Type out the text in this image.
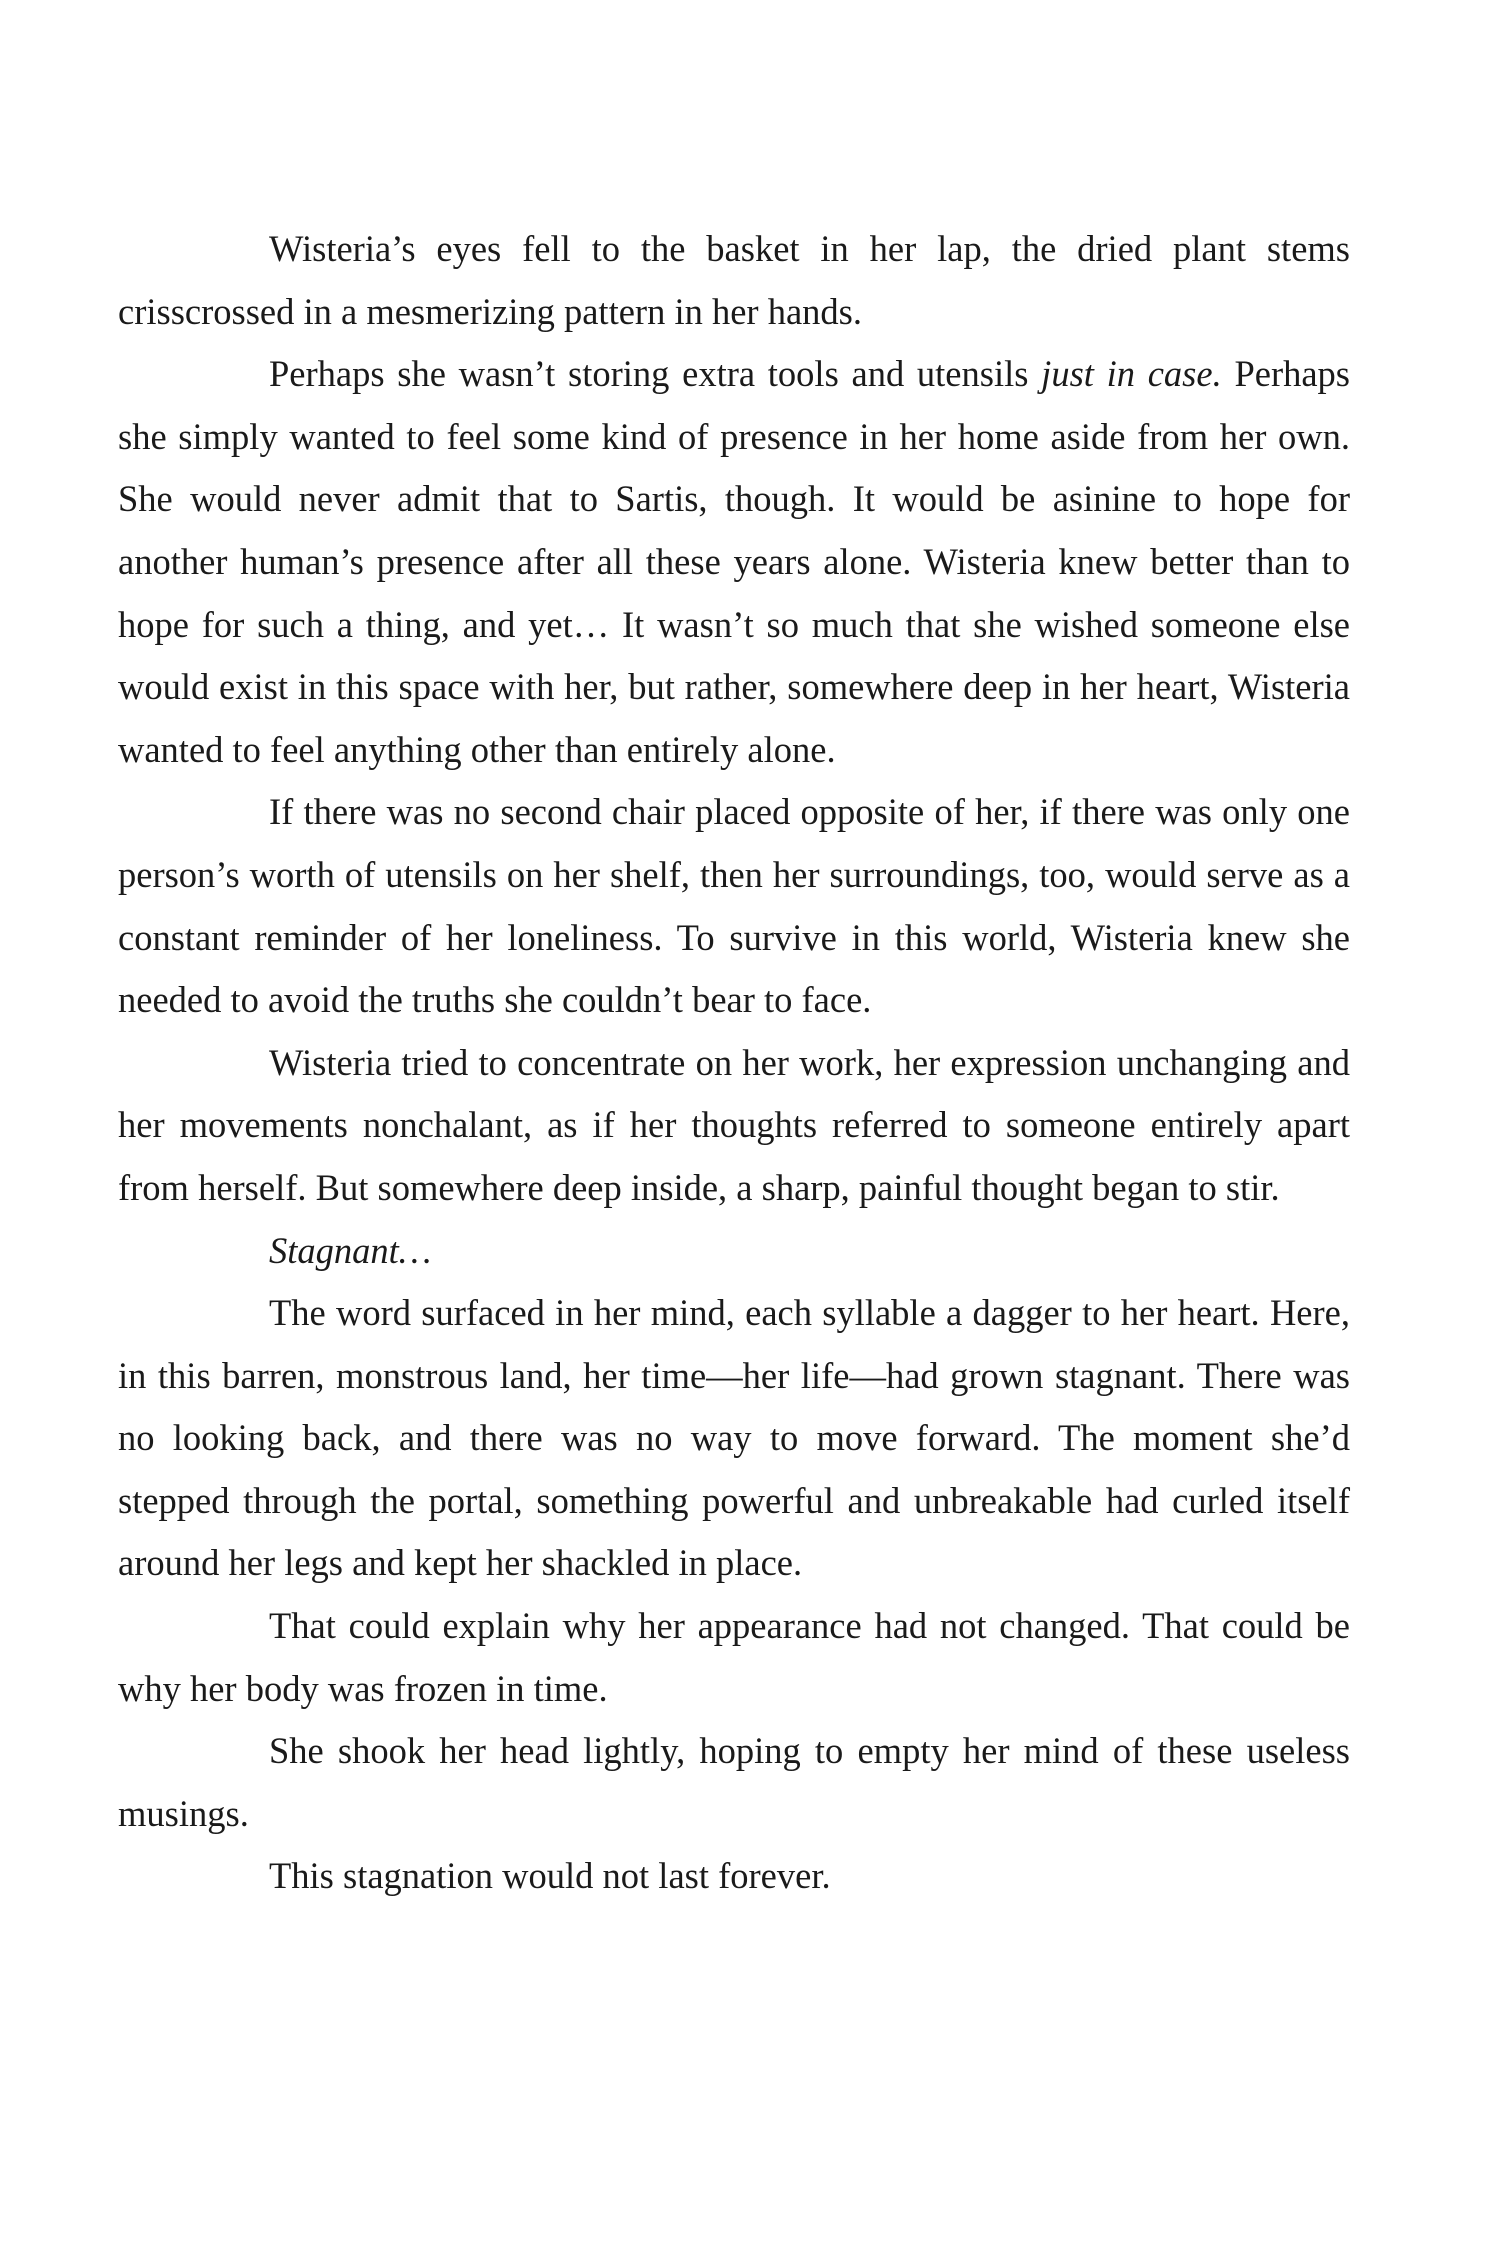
Wisteria’s eyes fell to the basket in her lap, the dried plant stems crisscrossed in a mesmerizing pattern in her hands.

Perhaps she wasn’t storing extra tools and utensils just in case. Perhaps she simply wanted to feel some kind of presence in her home aside from her own. She would never admit that to Sartis, though. It would be asinine to hope for another human’s presence after all these years alone. Wisteria knew better than to hope for such a thing, and yet… It wasn’t so much that she wished someone else would exist in this space with her, but rather, somewhere deep in her heart, Wisteria wanted to feel anything other than entirely alone.

If there was no second chair placed opposite of her, if there was only one person’s worth of utensils on her shelf, then her surroundings, too, would serve as a constant reminder of her loneliness. To survive in this world, Wisteria knew she needed to avoid the truths she couldn’t bear to face.

Wisteria tried to concentrate on her work, her expression unchanging and her movements nonchalant, as if her thoughts referred to someone entirely apart from herself. But somewhere deep inside, a sharp, painful thought began to stir.

Stagnant…

The word surfaced in her mind, each syllable a dagger to her heart. Here, in this barren, monstrous land, her time—her life—had grown stagnant. There was no looking back, and there was no way to move forward. The moment she’d stepped through the portal, something powerful and unbreakable had curled itself around her legs and kept her shackled in place.

That could explain why her appearance had not changed. That could be why her body was frozen in time.

She shook her head lightly, hoping to empty her mind of these useless musings.

This stagnation would not last forever.
